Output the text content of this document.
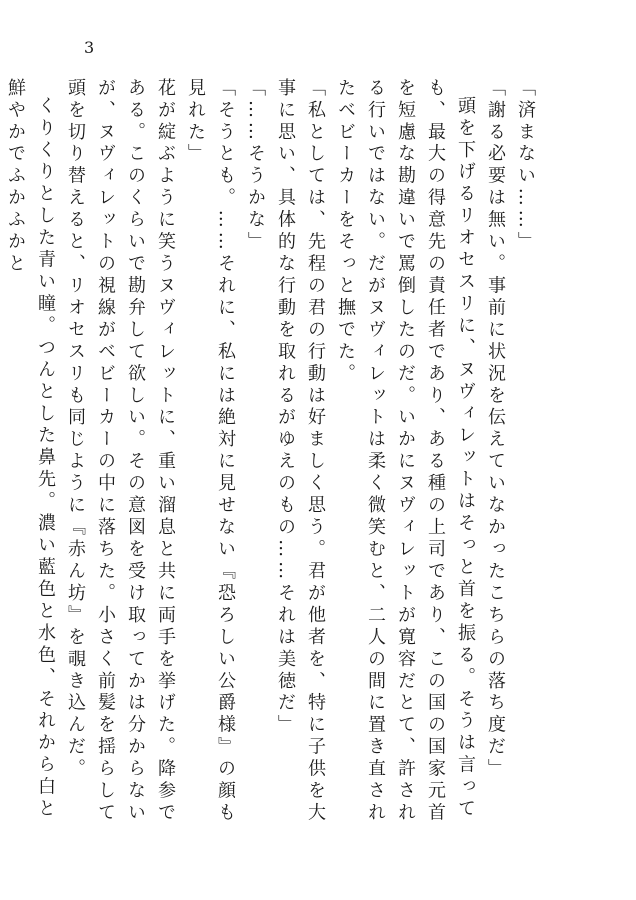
3

「済まない……」

「謝る必要は無い。事前に状況を伝えていなかったこちらの落ち度だ」

頭を下げるリオセスリに、ヌヴィレットはそっと首を振る。そうは言っても、最大の得意先の責任者であり、ある種の上司であり、この国の国家元首を短慮な勘違いで罵倒したのだ。いかにヌヴィレットが寛容だとて、許される行いではない。だがヌヴィレットは柔く微笑むと、二人の間に置き直されたベビーカーをそっと撫でた。

「私としては、先程の君の行動は好ましく思う。君が他者を、特に子供を大事に思い、具体的な行動を取れるがゆえのもの……それは美徳だ」

「……そうかな」

「そうとも。……それに、私には絶対に見せない『恐ろしい公爵様』の顔も見れた」

花が綻ぶように笑うヌヴィレットに、重い溜息と共に両手を挙げた。降参である。このくらいで勘弁して欲しい。その意図を受け取ってかは分からないが、ヌヴィレットの視線がベビーカーの中に落ちた。小さく前髪を揺らして頭を切り替えると、リオセスリも同じように『赤ん坊』を覗き込んだ。

くりくりとした青い瞳。つんとした鼻先。濃い藍色と水色、それから白と鮮やかでふかふかと
